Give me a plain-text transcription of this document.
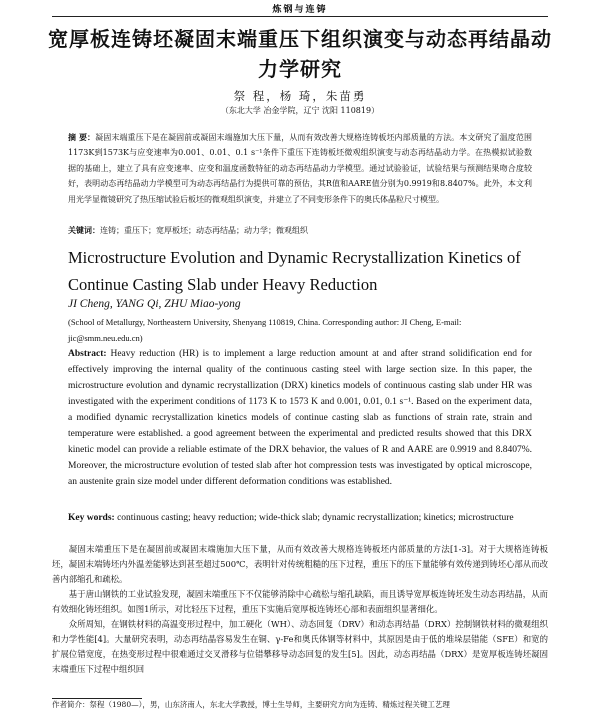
炼钢与连铸
宽厚板连铸坯凝固末端重压下组织演变与动态再结晶动力学研究
祭 程，杨 琦，朱苗勇
（东北大学 冶金学院，辽宁 沈阳 110819）
摘 要：凝固末端重压下是在凝固前或凝固末端施加大压下量，从而有效改善大规格连铸板坯内部质量的方法。本文研究了温度范围1173K到1573K与应变速率为0.001、0.01、0.1 s⁻¹条件下重压下连铸板坯微观组织演变与动态再结晶动力学。在热模拟试验数据的基础上，建立了具有应变速率、应变和温度函数特征的动态再结晶动力学模型。通过试验验证，试验结果与预测结果吻合度较好，表明动态再结晶动力学模型可为动态再结晶行为提供可靠的预估，其R值和AARE值分别为0.9919和8.8407%。此外，本文利用光学显微镜研究了热压缩试验后板坯的微观组织演变，并建立了不同变形条件下的奥氏体晶粒尺寸模型。
关键词：连铸；重压下；宽厚板坯；动态再结晶；动力学；微观组织
Microstructure Evolution and Dynamic Recrystallization Kinetics of Continue Casting Slab under Heavy Reduction
JI Cheng, YANG Qi, ZHU Miao-yong
(School of Metallurgy, Northeastern University, Shenyang 110819, China. Corresponding author: JI Cheng, E-mail: jic@smm.neu.edu.cn)
Abstract: Heavy reduction (HR) is to implement a large reduction amount at and after strand solidification end for effectively improving the internal quality of the continuous casting steel with large section size. In this paper, the microstructure evolution and dynamic recrystallization (DRX) kinetics models of continuous casting slab under HR was investigated with the experiment conditions of 1173 K to 1573 K and 0.001, 0.01, 0.1 s⁻¹. Based on the experiment data, a modified dynamic recrystallization kinetics models of continue casting slab as functions of strain rate, strain and temperature were established. a good agreement between the experimental and predicted results showed that this DRX kinetic model can provide a reliable estimate of the DRX behavior, the values of R and AARE are 0.9919 and 8.8407%. Moreover, the microstructure evolution of tested slab after hot compression tests was investigated by optical microscope, an austenite grain size model under different deformation conditions was established.
Key words: continuous casting; heavy reduction; wide-thick slab; dynamic recrystallization; kinetics; microstructure

凝固末端重压下是在凝固前或凝固末端施加大压下量，从而有效改善大规格连铸板坯内部质量的方法[1-3]。对于大规格连铸板坯，凝固末端铸坯内外温差能够达到甚至超过500℃，表明针对传统粗糙的压下过程，重压下的压下量能够有效传递到铸坯心部从而改善内部缩孔和疏松。

基于唐山钢铁的工业试验发现，凝固末端重压下不仅能够消除中心疏松与缩孔缺陷，而且诱导宽厚板连铸坯发生动态再结晶，从而有效细化铸坯组织。如图1所示，对比轻压下过程，重压下实施后宽厚板连铸坯心部和表面组织显著细化。

众所周知，在钢铁材料的高温变形过程中，加工硬化（WH）、动态回复（DRV）和动态再结晶（DRX）控制钢铁材料的微观组织和力学性能[4]。大量研究表明，动态再结晶容易发生在铜、γ-Fe和奥氏体钢等材料中，其原因是由于低的堆垛层错能（SFE）和宽的扩展位错宽度，在热变形过程中很难通过交叉滑移与位错攀移导动态回复的发生[5]。因此，动态再结晶（DRX）是宽厚板连铸坯凝固末端重压下过程中组织回

作者简介：祭程（1980—），男，山东济南人，东北大学教授，博士生导师，主要研究方向为连铸、精炼过程关键工艺理
